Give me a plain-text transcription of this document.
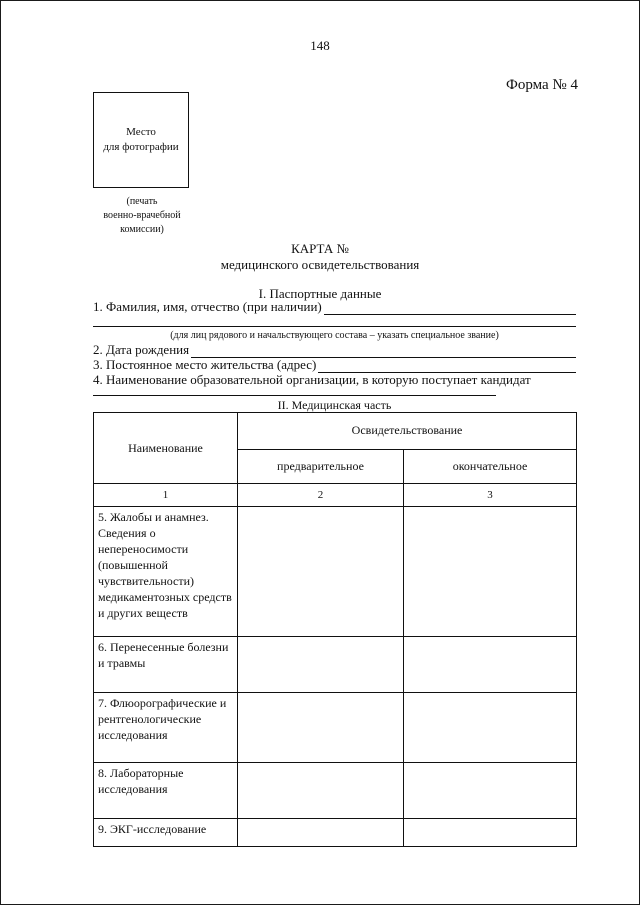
148
Форма № 4
Место
для фотографии
(печать
военно-врачебной
комиссии)
КАРТА №
медицинского освидетельствования
I. Паспортные данные
1. Фамилия, имя, отчество (при наличии)
(для лиц рядового и начальствующего состава – указать специальное звание)
2. Дата рождения
3. Постоянное место жительства (адрес)
4. Наименование образовательной организации, в которую поступает кандидат
II. Медицинская часть
Наименование	Освидетельствование	
	предварительное	окончательное
1	2	3
5. Жалобы и анамнез. Сведения о непереносимости (повышенной чувствительности) медикаментозных средств и других веществ		
6. Перенесенные болезни и травмы		
7. Флюорографические и рентгенологические исследования		
8. Лабораторные исследования		
9. ЭКГ-исследование		
